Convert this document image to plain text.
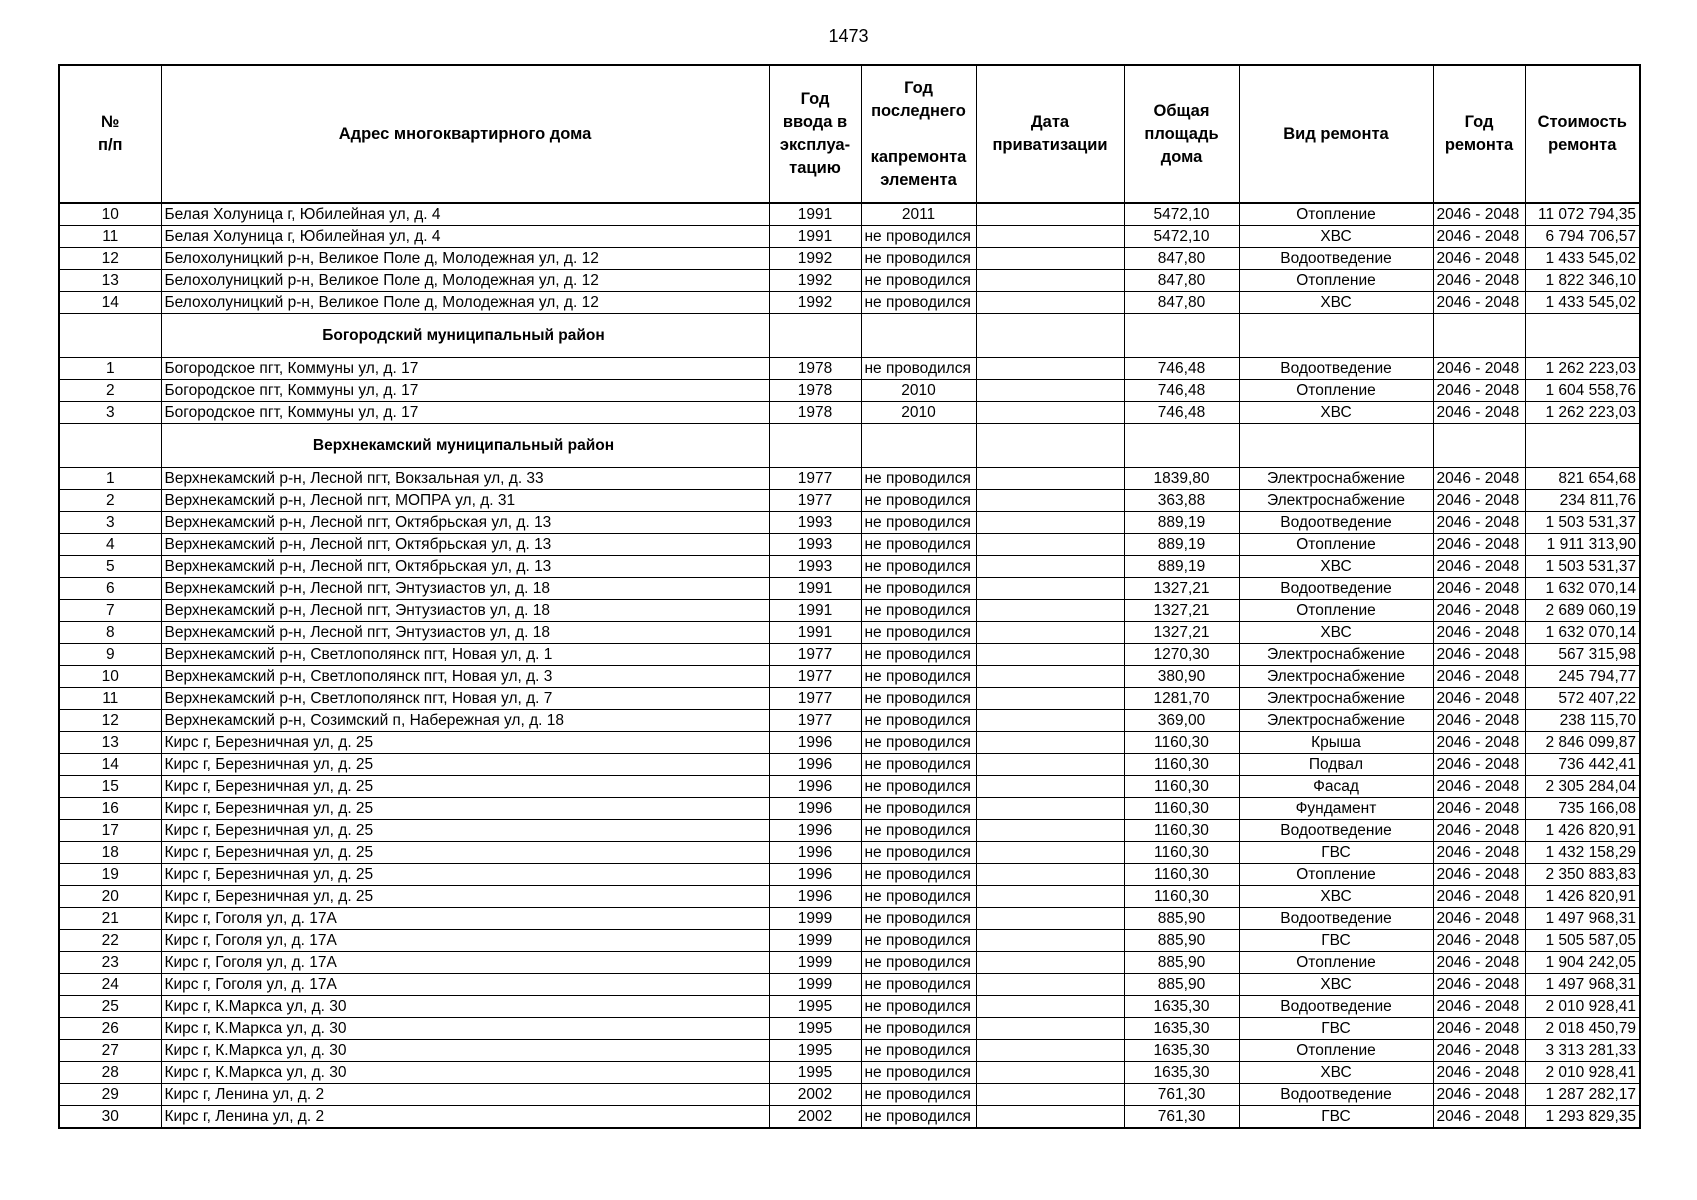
1473
№
п/п	Адрес многоквартирного дома	Год
ввода в
эксплуа-
тацию	Год
последнего

капремонта
элемента	Дата
приватизации	Общая
площадь
дома	Вид ремонта	Год
ремонта	Стоимость
ремонта

10	Белая Холуница г, Юбилейная ул, д. 4	1991	2011		5472,10	Отопление	2046 - 2048	11 072 794,35
11	Белая Холуница г, Юбилейная ул, д. 4	1991	не проводился		5472,10	ХВС	2046 - 2048	6 794 706,57
12	Белохолуницкий р-н, Великое Поле д, Молодежная ул, д. 12	1992	не проводился		847,80	Водоотведение	2046 - 2048	1 433 545,02
13	Белохолуницкий р-н, Великое Поле д, Молодежная ул, д. 12	1992	не проводился		847,80	Отопление	2046 - 2048	1 822 346,10
14	Белохолуницкий р-н, Великое Поле д, Молодежная ул, д. 12	1992	не проводился		847,80	ХВС	2046 - 2048	1 433 545,02
	Богородский муниципальный район							
1	Богородское пгт, Коммуны ул, д. 17	1978	не проводился		746,48	Водоотведение	2046 - 2048	1 262 223,03
2	Богородское пгт, Коммуны ул, д. 17	1978	2010		746,48	Отопление	2046 - 2048	1 604 558,76
3	Богородское пгт, Коммуны ул, д. 17	1978	2010		746,48	ХВС	2046 - 2048	1 262 223,03
	Верхнекамский муниципальный район							
1	Верхнекамский р-н, Лесной пгт, Вокзальная ул, д. 33	1977	не проводился		1839,80	Электроснабжение	2046 - 2048	821 654,68
2	Верхнекамский р-н, Лесной пгт, МОПРА ул, д. 31	1977	не проводился		363,88	Электроснабжение	2046 - 2048	234 811,76
3	Верхнекамский р-н, Лесной пгт, Октябрьская ул, д. 13	1993	не проводился		889,19	Водоотведение	2046 - 2048	1 503 531,37
4	Верхнекамский р-н, Лесной пгт, Октябрьская ул, д. 13	1993	не проводился		889,19	Отопление	2046 - 2048	1 911 313,90
5	Верхнекамский р-н, Лесной пгт, Октябрьская ул, д. 13	1993	не проводился		889,19	ХВС	2046 - 2048	1 503 531,37
6	Верхнекамский р-н, Лесной пгт, Энтузиастов ул, д. 18	1991	не проводился		1327,21	Водоотведение	2046 - 2048	1 632 070,14
7	Верхнекамский р-н, Лесной пгт, Энтузиастов ул, д. 18	1991	не проводился		1327,21	Отопление	2046 - 2048	2 689 060,19
8	Верхнекамский р-н, Лесной пгт, Энтузиастов ул, д. 18	1991	не проводился		1327,21	ХВС	2046 - 2048	1 632 070,14
9	Верхнекамский р-н, Светлополянск пгт, Новая ул, д. 1	1977	не проводился		1270,30	Электроснабжение	2046 - 2048	567 315,98
10	Верхнекамский р-н, Светлополянск пгт, Новая ул, д. 3	1977	не проводился		380,90	Электроснабжение	2046 - 2048	245 794,77
11	Верхнекамский р-н, Светлополянск пгт, Новая ул, д. 7	1977	не проводился		1281,70	Электроснабжение	2046 - 2048	572 407,22
12	Верхнекамский р-н, Созимский п, Набережная ул, д. 18	1977	не проводился		369,00	Электроснабжение	2046 - 2048	238 115,70
13	Кирс г, Березничная ул, д. 25	1996	не проводился		1160,30	Крыша	2046 - 2048	2 846 099,87
14	Кирс г, Березничная ул, д. 25	1996	не проводился		1160,30	Подвал	2046 - 2048	736 442,41
15	Кирс г, Березничная ул, д. 25	1996	не проводился		1160,30	Фасад	2046 - 2048	2 305 284,04
16	Кирс г, Березничная ул, д. 25	1996	не проводился		1160,30	Фундамент	2046 - 2048	735 166,08
17	Кирс г, Березничная ул, д. 25	1996	не проводился		1160,30	Водоотведение	2046 - 2048	1 426 820,91
18	Кирс г, Березничная ул, д. 25	1996	не проводился		1160,30	ГВС	2046 - 2048	1 432 158,29
19	Кирс г, Березничная ул, д. 25	1996	не проводился		1160,30	Отопление	2046 - 2048	2 350 883,83
20	Кирс г, Березничная ул, д. 25	1996	не проводился		1160,30	ХВС	2046 - 2048	1 426 820,91
21	Кирс г, Гоголя ул, д. 17А	1999	не проводился		885,90	Водоотведение	2046 - 2048	1 497 968,31
22	Кирс г, Гоголя ул, д. 17А	1999	не проводился		885,90	ГВС	2046 - 2048	1 505 587,05
23	Кирс г, Гоголя ул, д. 17А	1999	не проводился		885,90	Отопление	2046 - 2048	1 904 242,05
24	Кирс г, Гоголя ул, д. 17А	1999	не проводился		885,90	ХВС	2046 - 2048	1 497 968,31
25	Кирс г, К.Маркса ул, д. 30	1995	не проводился		1635,30	Водоотведение	2046 - 2048	2 010 928,41
26	Кирс г, К.Маркса ул, д. 30	1995	не проводился		1635,30	ГВС	2046 - 2048	2 018 450,79
27	Кирс г, К.Маркса ул, д. 30	1995	не проводился		1635,30	Отопление	2046 - 2048	3 313 281,33
28	Кирс г, К.Маркса ул, д. 30	1995	не проводился		1635,30	ХВС	2046 - 2048	2 010 928,41
29	Кирс г, Ленина ул, д. 2	2002	не проводился		761,30	Водоотведение	2046 - 2048	1 287 282,17
30	Кирс г, Ленина ул, д. 2	2002	не проводился		761,30	ГВС	2046 - 2048	1 293 829,35
